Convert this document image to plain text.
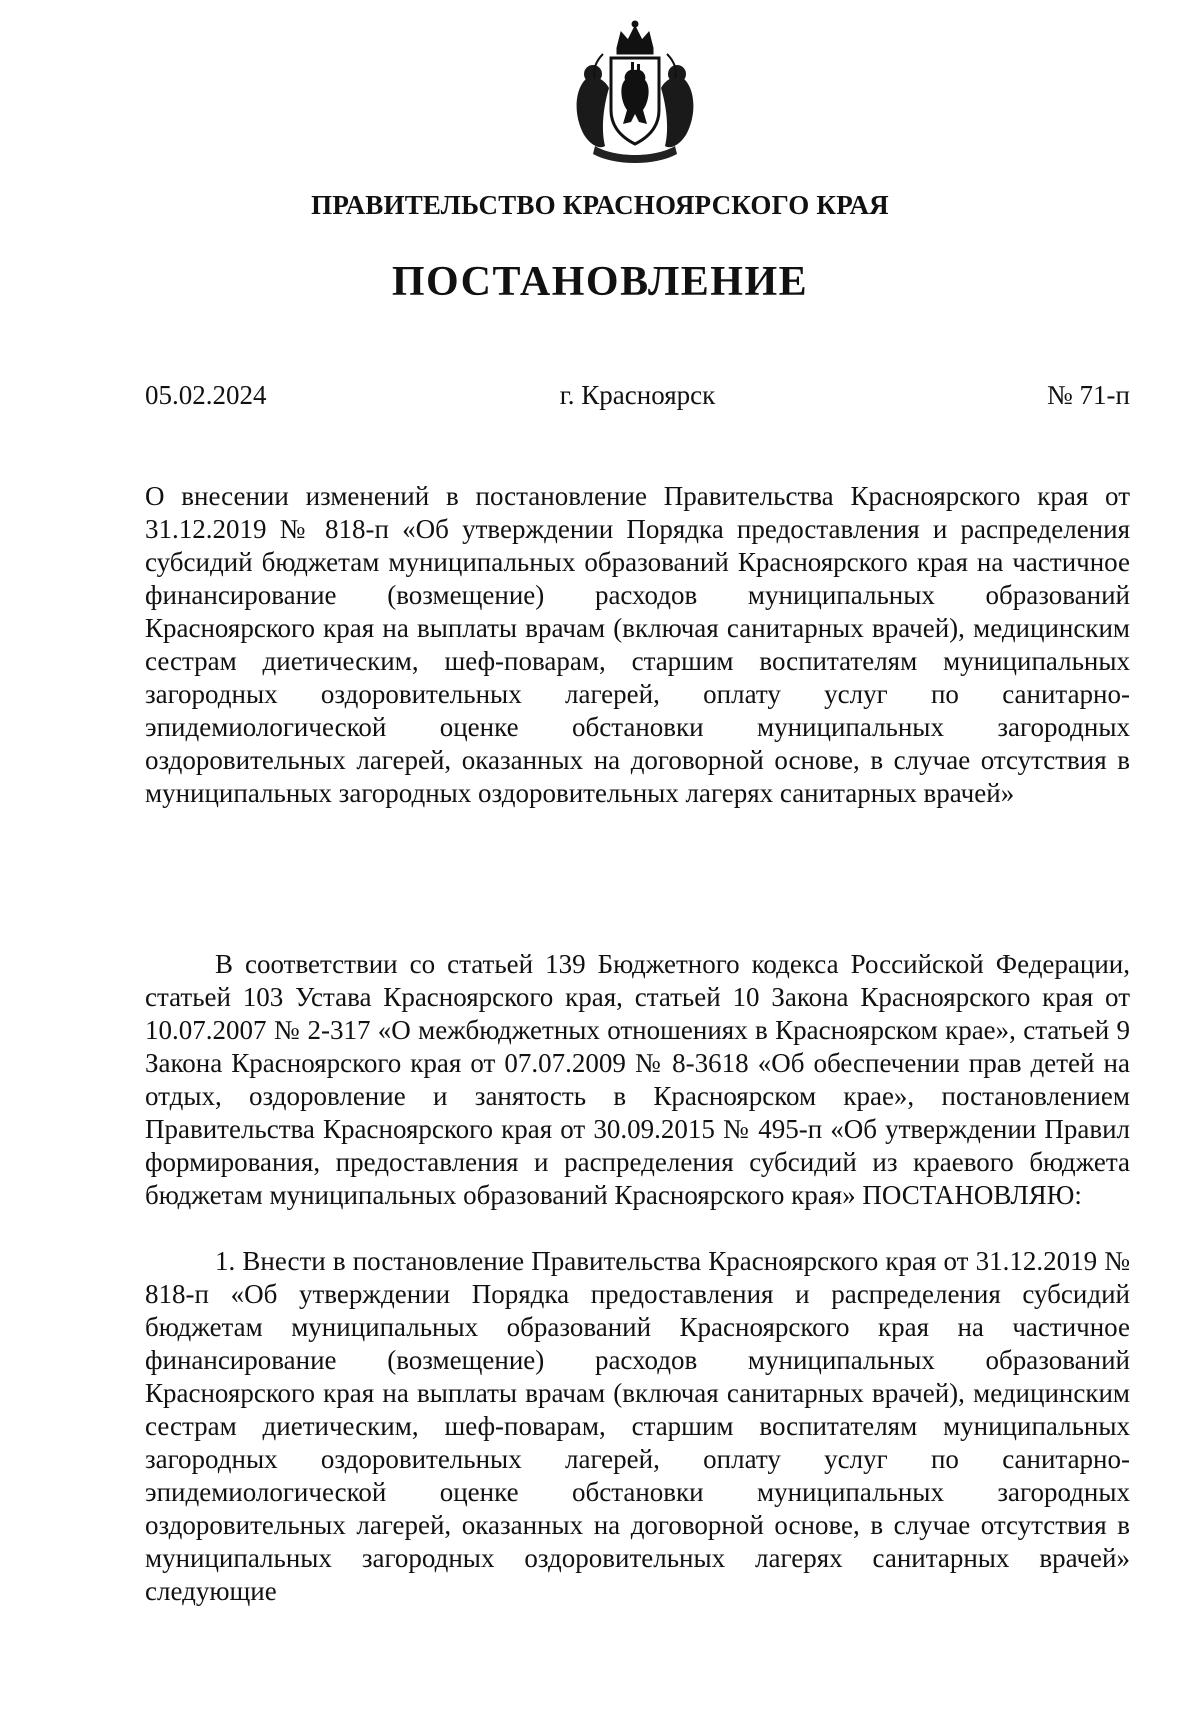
ПРАВИТЕЛЬСТВО КРАСНОЯРСКОГО КРАЯ
ПОСТАНОВЛЕНИЕ
05.02.2024	г. Красноярск	№ 71-п

О внесении изменений в постановление Правительства Красноярского края от 31.12.2019 № 818-п «Об утверждении Порядка предоставления и распределения субсидий бюджетам муниципальных образований Красноярского края на частичное финансирование (возмещение) расходов муниципальных образований Красноярского края на выплаты врачам (включая санитарных врачей), медицинским сестрам диетическим, шеф-поварам, старшим воспитателям муниципальных загородных оздоровительных лагерей, оплату услуг по санитарно-эпидемиологической оценке обстановки муниципальных загородных оздоровительных лагерей, оказанных на договорной основе, в случае отсутствия в муниципальных загородных оздоровительных лагерях санитарных врачей»

В соответствии со статьей 139 Бюджетного кодекса Российской Федерации, статьей 103 Устава Красноярского края, статьей 10 Закона Красноярского края от 10.07.2007 № 2-317 «О межбюджетных отношениях в Красноярском крае», статьей 9 Закона Красноярского края от 07.07.2009 № 8-3618 «Об обеспечении прав детей на отдых, оздоровление и занятость в Красноярском крае», постановлением Правительства Красноярского края от 30.09.2015 № 495-п «Об утверждении Правил формирования, предоставления и распределения субсидий из краевого бюджета бюджетам муниципальных образований Красноярского края» ПОСТАНОВЛЯЮ:

1. Внести в постановление Правительства Красноярского края от 31.12.2019 № 818-п «Об утверждении Порядка предоставления и распределения субсидий бюджетам муниципальных образований Красноярского края на частичное финансирование (возмещение) расходов муниципальных образований Красноярского края на выплаты врачам (включая санитарных врачей), медицинским сестрам диетическим, шеф-поварам, старшим воспитателям муниципальных загородных оздоровительных лагерей, оплату услуг по санитарно-эпидемиологической оценке обстановки муниципальных загородных оздоровительных лагерей, оказанных на договорной основе, в случае отсутствия в муниципальных загородных оздоровительных лагерях санитарных врачей» следующие
